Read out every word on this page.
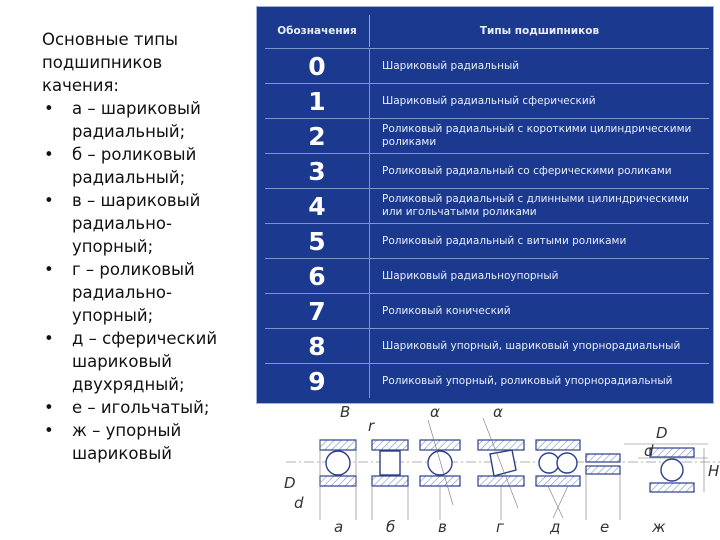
Основные типы
подшипников
качения:
• а – шариковый
радиальный;
• б – роликовый
радиальный;
• в – шариковый
радиально-
упорный;
• г – роликовый
радиально-
упорный;
• д – сферический
шариковый
двухрядный;
• е – игольчатый;
• ж – упорный
шариковый
Обозначения	Типы подшипников
0	Шариковый радиальный
1	Шариковый радиальный сферический
2	Роликовый радиальный с короткими цилиндрическими роликами
3	Роликовый радиальный со сферическими роликами
4	Роликовый радиальный с длинными цилиндрическими или игольчатыми роликами
5	Роликовый радиальный с витыми роликами
6	Шариковый радиальноупорный
7	Роликовый конический
8	Шариковый упорный, шариковый упорнорадиальный
9	Роликовый упорный, роликовый упорнорадиальный
B
r
α	α
D
d
H
D
d
а	б	в	г	д	е	ж
